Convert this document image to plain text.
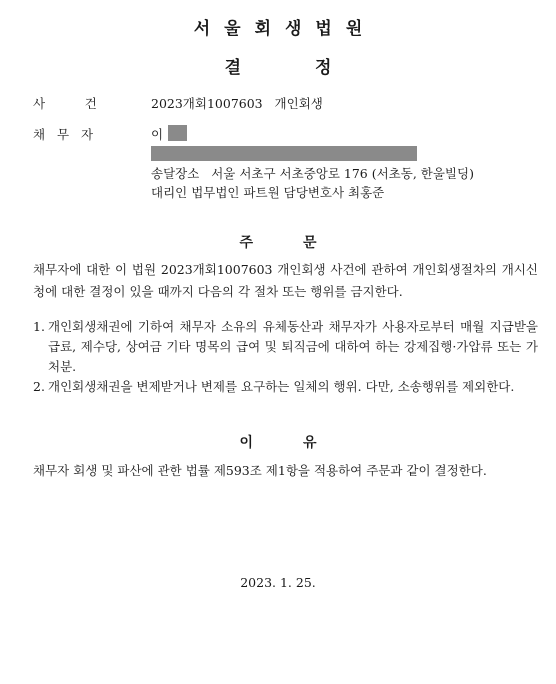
서울회생법원
결	정
사          건	2023개회1007603   개인회생
채   무   자	이
송달장소   서울 서초구 서초중앙로 176 (서초동, 한울빌딩)
대리인 법무법인 파트원 담당변호사 최홍준
주	문

채무자에 대한 이 법원 2023개회1007603 개인회생 사건에 관하여 개인회생절차의 개시신청에 대한 결정이 있을 때까지 다음의 각 절차 또는 행위를 금지한다.

1. 개인회생채권에 기하여 채무자 소유의 유체동산과 채무자가 사용자로부터 매월 지급받을 급료, 제수당, 상여금 기타 명목의 급여 및 퇴직금에 대하여 하는 강제집행·가압류 또는 가처분.
2. 개인회생채권을 변제받거나 변제를 요구하는 일체의 행위. 다만, 소송행위를 제외한다.
이	유

채무자 회생 및 파산에 관한 법률 제593조 제1항을 적용하여 주문과 같이 결정한다.

2023. 1. 25.
